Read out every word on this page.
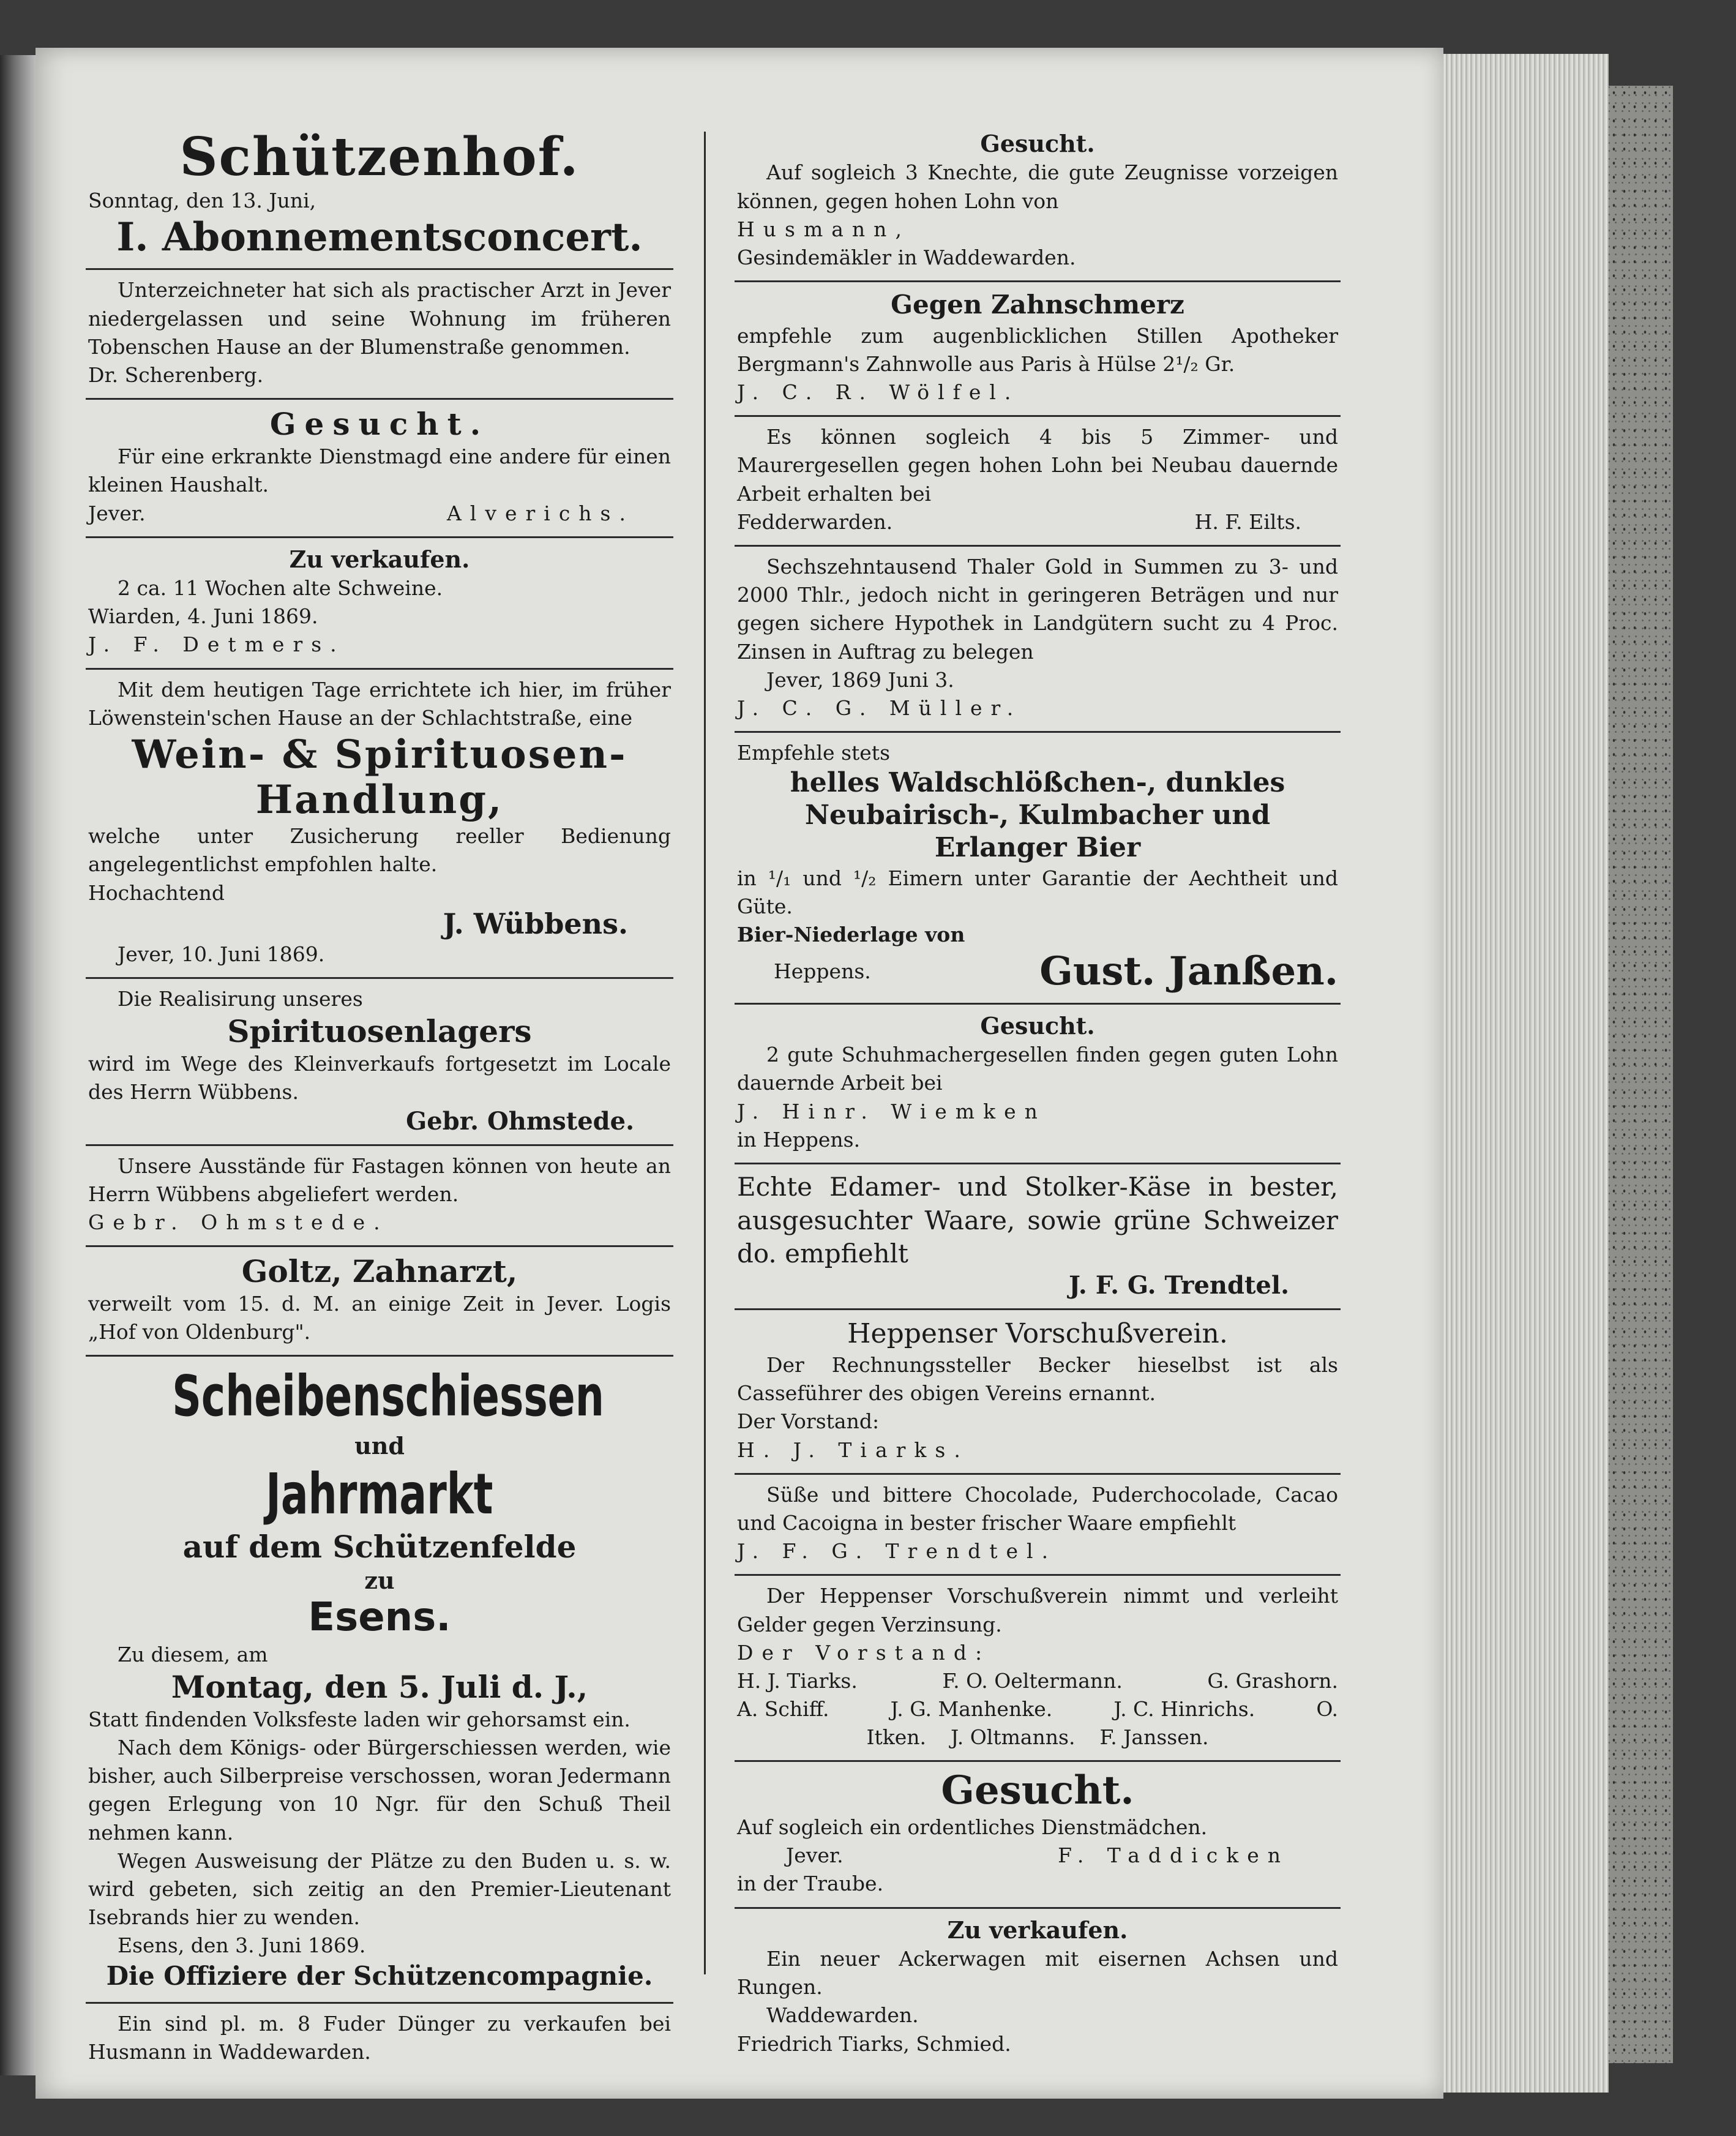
Schützenhof.
Sonntag, den 13. Juni,
I. Abonnementsconcert.

Unterzeichneter hat sich als practischer Arzt in Jever niedergelassen und seine Wohnung im früheren Tobenschen Hause an der Blumenstraße genommen.

Dr. Scherenberg.
Gesucht.

Für eine erkrankte Dienstmagd eine andere für einen kleinen Haushalt.

Jever.	Alverichs.
Zu verkaufen.
2 ca. 11 Wochen alte Schweine.
Wiarden, 4. Juni 1869.
J. F. Detmers.

Mit dem heutigen Tage errichtete ich hier, im früher Löwenstein'schen Hause an der Schlachtstraße, eine

Wein- & Spirituosen-
Handlung,

welche unter Zusicherung reeller Bedienung angelegentlichst empfohlen halte.

Hochachtend
J. Wübbens.
Jever, 10. Juni 1869.
Die Realisirung unseres
Spirituosenlagers

wird im Wege des Kleinverkaufs fortgesetzt im Locale des Herrn Wübbens.

Gebr. Ohmstede.

Unsere Ausstände für Fastagen können von heute an Herrn Wübbens abgeliefert werden.

Gebr. Ohmstede.
Goltz, Zahnarzt,

verweilt vom 15. d. M. an einige Zeit in Jever. Logis „Hof von Oldenburg".

Scheibenschiessen
und
Jahrmarkt
auf dem Schützenfelde
zu
Esens.
Zu diesem, am
Montag, den 5. Juli d. J.,

Statt findenden Volksfeste laden wir gehorsamst ein.

Nach dem Königs- oder Bürgerschiessen werden, wie bisher, auch Silberpreise verschossen, woran Jedermann gegen Erlegung von 10 Ngr. für den Schuß Theil nehmen kann.

Wegen Ausweisung der Plätze zu den Buden u. s. w. wird gebeten, sich zeitig an den Premier-Lieutenant Isebrands hier zu wenden.

Esens, den 3. Juni 1869.
Die Offiziere der Schützencompagnie.

Ein sind pl. m. 8 Fuder Dünger zu verkaufen bei Husmann in Waddewarden.

Gesucht.

Auf sogleich 3 Knechte, die gute Zeugnisse vorzeigen können, gegen hohen Lohn von

Husmann,
Gesindemäkler in Waddewarden.
Gegen Zahnschmerz

empfehle zum augenblicklichen Stillen Apotheker Bergmann's Zahnwolle aus Paris à Hülse 2¹/₂ Gr.

J. C. R. Wölfel.

Es können sogleich 4 bis 5 Zimmer- und Maurergesellen gegen hohen Lohn bei Neubau dauernde Arbeit erhalten bei

Fedderwarden.	H. F. Eilts.

Sechszehntausend Thaler Gold in Summen zu 3- und 2000 Thlr., jedoch nicht in geringeren Beträgen und nur gegen sichere Hypothek in Landgütern sucht zu 4 Proc. Zinsen in Auftrag zu belegen

Jever, 1869 Juni 3.
J. C. G. Müller.
Empfehle stets
helles Waldschlößchen-, dunkles Neubairisch-, Kulmbacher und Erlanger Bier

in ¹/₁ und ¹/₂ Eimern unter Garantie der Aechtheit und Güte.

Bier-Niederlage von
Heppens.	Gust. Janßen.
Gesucht.

2 gute Schuhmachergesellen finden gegen guten Lohn dauernde Arbeit bei

J. Hinr. Wiemken
in Heppens.

Echte Edamer- und Stolker-Käse in bester, ausgesuchter Waare, sowie grüne Schweizer do. empfiehlt

J. F. G. Trendtel.
Heppenser Vorschußverein.

Der Rechnungssteller Becker hieselbst ist als Casseführer des obigen Vereins ernannt.

Der Vorstand:
H. J. Tiarks.

Süße und bittere Chocolade, Puderchocolade, Cacao und Cacoigna in bester frischer Waare empfiehlt

J. F. G. Trendtel.

Der Heppenser Vorschußverein nimmt und verleiht Gelder gegen Verzinsung.

Der Vorstand:
H. J. Tiarks.	F. O. Oeltermann.	G. Grashorn.
A. Schiff.	J. G. Manhenke.	J. C. Hinrichs.	O.
Itken. J. Oltmanns. F. Janssen.
Gesucht.
Auf sogleich ein ordentliches Dienstmädchen.
Jever.	F. Taddicken
in der Traube.
Zu verkaufen.

Ein neuer Ackerwagen mit eisernen Achsen und Rungen.

Waddewarden.
Friedrich Tiarks, Schmied.
